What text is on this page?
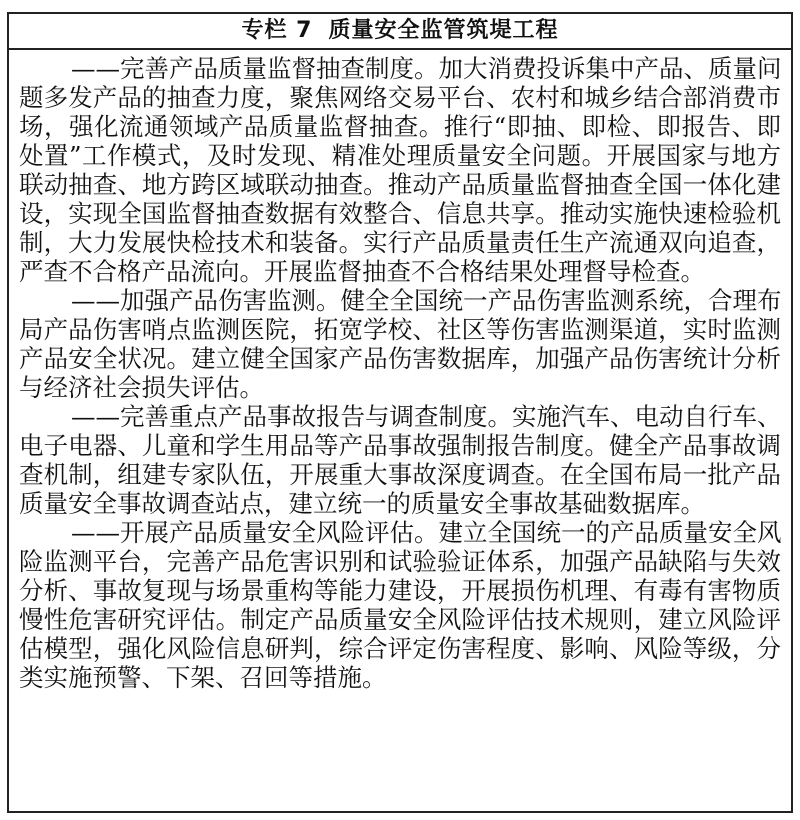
专栏 7 质量安全监管筑堤工程
——完善产品质量监督抽查制度。加大消费投诉集中产品、质量问
题多发产品的抽查力度，聚焦网络交易平台、农村和城乡结合部消费市
场，强化流通领域产品质量监督抽查。推行“即抽、即检、即报告、即
处置”工作模式，及时发现、精准处理质量安全问题。开展国家与地方
联动抽查、地方跨区域联动抽查。推动产品质量监督抽查全国一体化建
设，实现全国监督抽查数据有效整合、信息共享。推动实施快速检验机
制，大力发展快检技术和装备。实行产品质量责任生产流通双向追查，
严查不合格产品流向。开展监督抽查不合格结果处理督导检查。
——加强产品伤害监测。健全全国统一产品伤害监测系统，合理布
局产品伤害哨点监测医院，拓宽学校、社区等伤害监测渠道，实时监测
产品安全状况。建立健全国家产品伤害数据库，加强产品伤害统计分析
与经济社会损失评估。
——完善重点产品事故报告与调查制度。实施汽车、电动自行车、
电子电器、儿童和学生用品等产品事故强制报告制度。健全产品事故调
查机制，组建专家队伍，开展重大事故深度调查。在全国布局一批产品
质量安全事故调查站点，建立统一的质量安全事故基础数据库。
——开展产品质量安全风险评估。建立全国统一的产品质量安全风
险监测平台，完善产品危害识别和试验验证体系，加强产品缺陷与失效
分析、事故复现与场景重构等能力建设，开展损伤机理、有毒有害物质
慢性危害研究评估。制定产品质量安全风险评估技术规则，建立风险评
估模型，强化风险信息研判，综合评定伤害程度、影响、风险等级，分
类实施预警、下架、召回等措施。
